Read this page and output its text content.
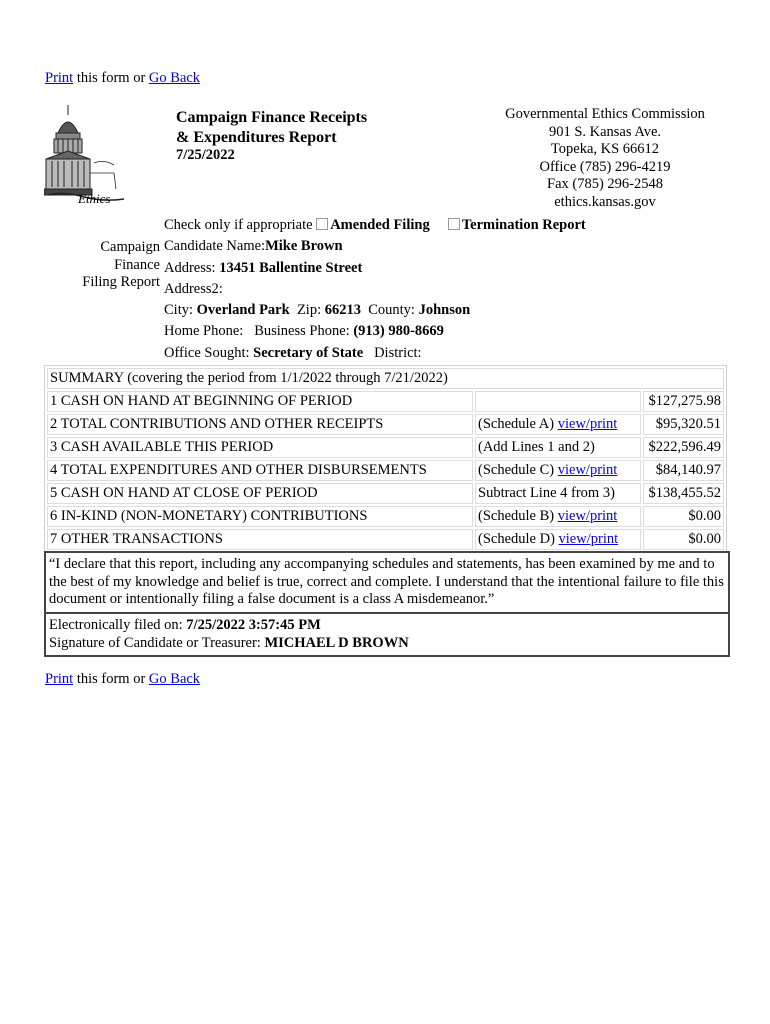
Print this form or Go Back
Ethics
Campaign Finance Receipts
& Expenditures Report
7/25/2022
Governmental Ethics Commission
901 S. Kansas Ave.
Topeka, KS 66612
Office (785) 296-4219
Fax (785) 296-2548
ethics.kansas.gov
Check only if appropriate Amended Filing Termination Report
Campaign
Finance
Filing Report
Candidate Name:Mike Brown
Address: 13451 Ballentine Street
Address2:
City: Overland Park Zip: 66213 County: Johnson
Home Phone: Business Phone: (913) 980-8669
Office Sought: Secretary of State District:
SUMMARY (covering the period from 1/1/2022 through 7/21/2022)		
1 CASH ON HAND AT BEGINNING OF PERIOD		$127,275.98
2 TOTAL CONTRIBUTIONS AND OTHER RECEIPTS	(Schedule A) view/print	$95,320.51
3 CASH AVAILABLE THIS PERIOD	(Add Lines 1 and 2)	$222,596.49
4 TOTAL EXPENDITURES AND OTHER DISBURSEMENTS	(Schedule C) view/print	$84,140.97
5 CASH ON HAND AT CLOSE OF PERIOD	Subtract Line 4 from 3)	$138,455.52
6 IN-KIND (NON-MONETARY) CONTRIBUTIONS	(Schedule B) view/print	$0.00
7 OTHER TRANSACTIONS	(Schedule D) view/print	$0.00
“I declare that this report, including any accompanying schedules and statements, has been examined by me and to the best of my knowledge and belief is true, correct and complete. I understand that the intentional failure to file this document or intentionally filing a false document is a class A misdemeanor.”
Electronically filed on: 7/25/2022 3:57:45 PM
Signature of Candidate or Treasurer: MICHAEL D BROWN
Print this form or Go Back
